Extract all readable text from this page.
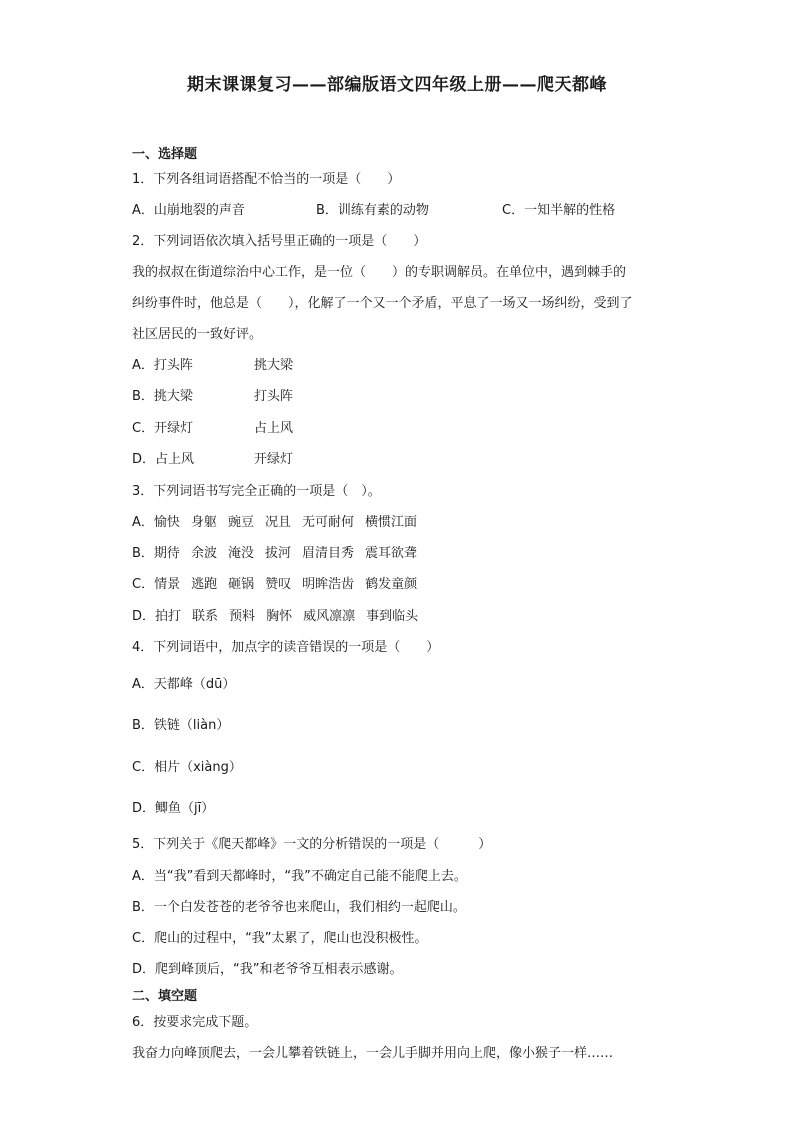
期末课课复习——部编版语文四年级上册——爬天都峰
一、选择题
1．下列各组词语搭配不恰当的一项是（　　）
A．山崩地裂的声音	B．训练有素的动物	C．一知半解的性格
2．下列词语依次填入括号里正确的一项是（　　）
我的叔叔在街道综治中心工作，是一位（　　）的专职调解员。在单位中，遇到棘手的
纠纷事件时，他总是（　　），化解了一个又一个矛盾，平息了一场又一场纠纷，受到了
社区居民的一致好评。
A．打头阵	挑大梁
B．挑大梁	打头阵
C．开绿灯	占上风
D．占上风	开绿灯
3．下列词语书写完全正确的一项是（　）。
A．愉快 身躯 豌豆 况且 无可耐何 横惯江面
B．期待 余波 淹没 拔河 眉清目秀 震耳欲聋
C．情景 逃跑 砸锅 赞叹 明眸浩齿 鹤发童颜
D．拍打 联系 预料 胸怀 威风凛凛 事到临头
4．下列词语中，加点字的读音错误的一项是（　　）
A．天都峰（dū）
B．铁链（liàn）
C．相片（xiàng）
D．鲫鱼（jī）
5．下列关于《爬天都峰》一文的分析错误的一项是（　　　）
A．当“我”看到天都峰时，“我”不确定自己能不能爬上去。
B．一个白发苍苍的老爷爷也来爬山，我们相约一起爬山。
C．爬山的过程中，“我”太累了，爬山也没积极性。
D．爬到峰顶后，“我”和老爷爷互相表示感谢。
二、填空题
6．按要求完成下题。
我奋力向峰顶爬去，一会儿攀着铁链上，一会儿手脚并用向上爬，像小猴子一样……
